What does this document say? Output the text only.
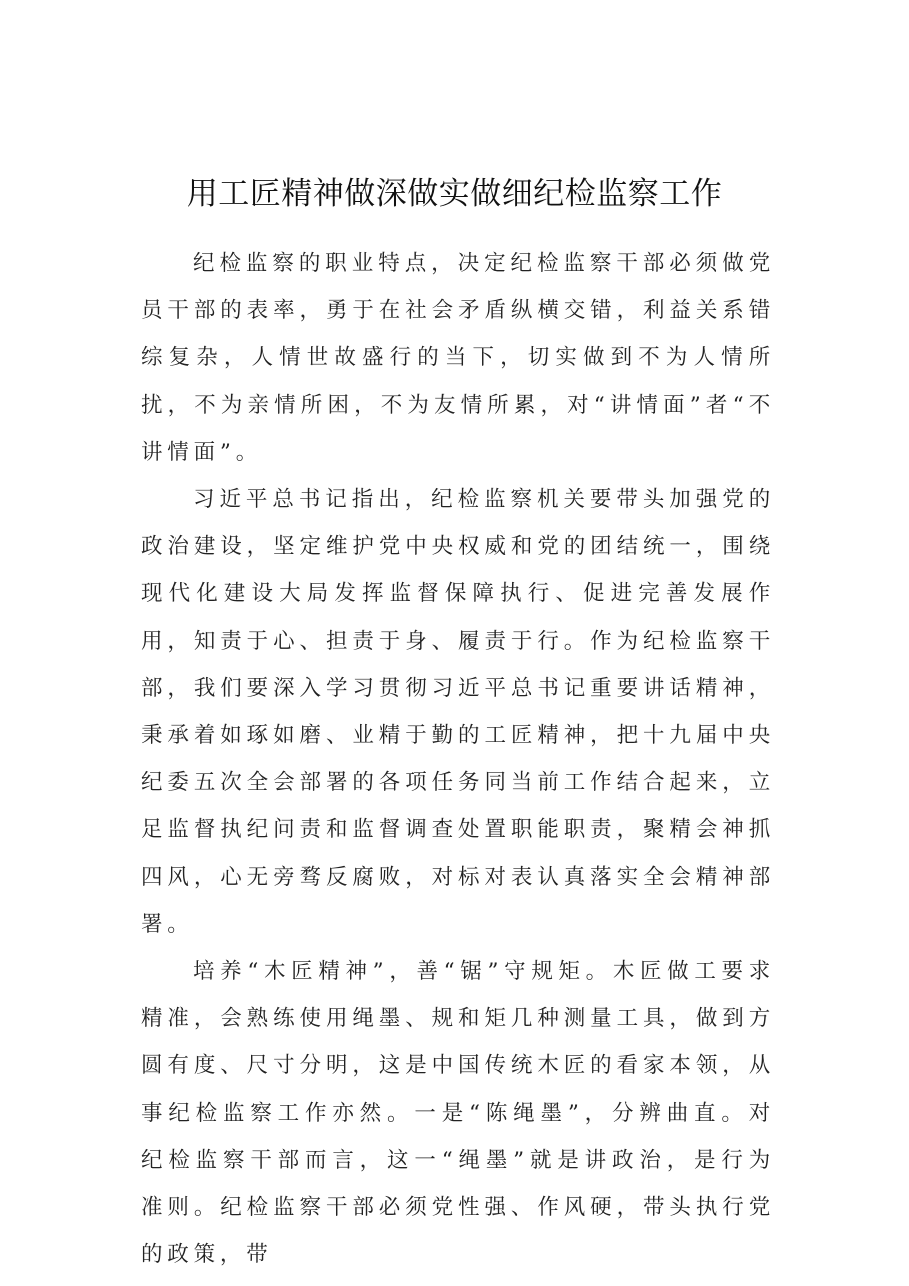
用工匠精神做深做实做细纪检监察工作

纪检监察的职业特点，决定纪检监察干部必须做党员干部的表率，勇于在社会矛盾纵横交错，利益关系错综复杂，人情世故盛行的当下，切实做到不为人情所扰，不为亲情所困，不为友情所累，对“讲情面”者“不讲情面”。

习近平总书记指出，纪检监察机关要带头加强党的政治建设，坚定维护党中央权威和党的团结统一，围绕现代化建设大局发挥监督保障执行、促进完善发展作用，知责于心、担责于身、履责于行。作为纪检监察干部，我们要深入学习贯彻习近平总书记重要讲话精神，秉承着如琢如磨、业精于勤的工匠精神，把十九届中央纪委五次全会部署的各项任务同当前工作结合起来，立足监督执纪问责和监督调查处置职能职责，聚精会神抓四风，心无旁骛反腐败，对标对表认真落实全会精神部署。

培养“木匠精神”，善“锯”守规矩。木匠做工要求精准，会熟练使用绳墨、规和矩几种测量工具，做到方圆有度、尺寸分明，这是中国传统木匠的看家本领，从事纪检监察工作亦然。一是“陈绳墨”，分辨曲直。对纪检监察干部而言，这一“绳墨”就是讲政治，是行为准则。纪检监察干部必须党性强、作风硬，带头执行党的政策，带
